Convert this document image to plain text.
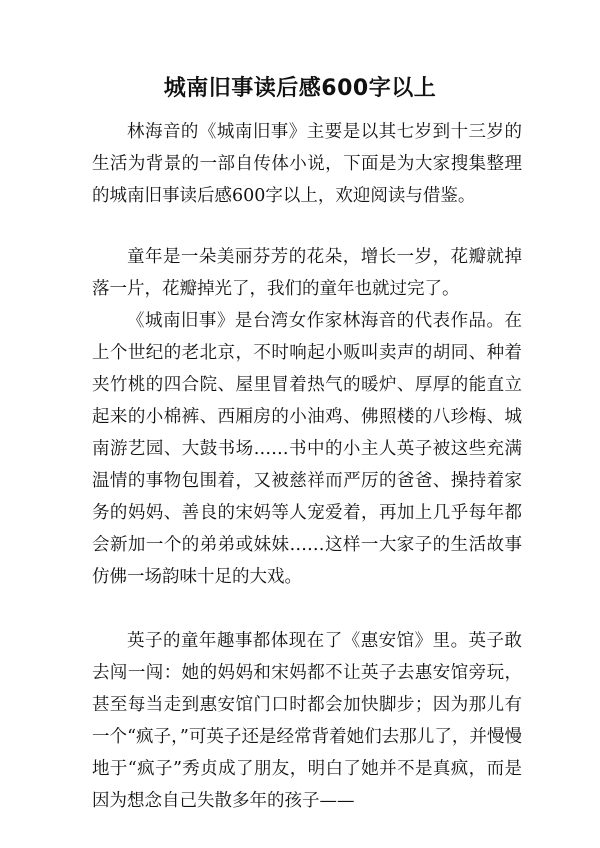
城南旧事读后感600字以上

林海音的《城南旧事》主要是以其七岁到十三岁的生活为背景的一部自传体小说，下面是为大家搜集整理的城南旧事读后感600字以上，欢迎阅读与借鉴。

童年是一朵美丽芬芳的花朵，增长一岁，花瓣就掉落一片，花瓣掉光了，我们的童年也就过完了。

《城南旧事》是台湾女作家林海音的代表作品。在上个世纪的老北京，不时响起小贩叫卖声的胡同、种着夹竹桃的四合院、屋里冒着热气的暖炉、厚厚的能直立起来的小棉裤、西厢房的小油鸡、佛照楼的八珍梅、城南游艺园、大鼓书场……书中的小主人英子被这些充满温情的事物包围着，又被慈祥而严厉的爸爸、操持着家务的妈妈、善良的宋妈等人宠爱着，再加上几乎每年都会新加一个的弟弟或妹妹……这样一大家子的生活故事仿佛一场韵味十足的大戏。

英子的童年趣事都体现在了《惠安馆》里。英子敢去闯一闯：她的妈妈和宋妈都不让英子去惠安馆旁玩，甚至每当走到惠安馆门口时都会加快脚步；因为那儿有一个“疯子，”可英子还是经常背着她们去那儿了，并慢慢地于“疯子”秀贞成了朋友，明白了她并不是真疯，而是因为想念自己失散多年的孩子——
